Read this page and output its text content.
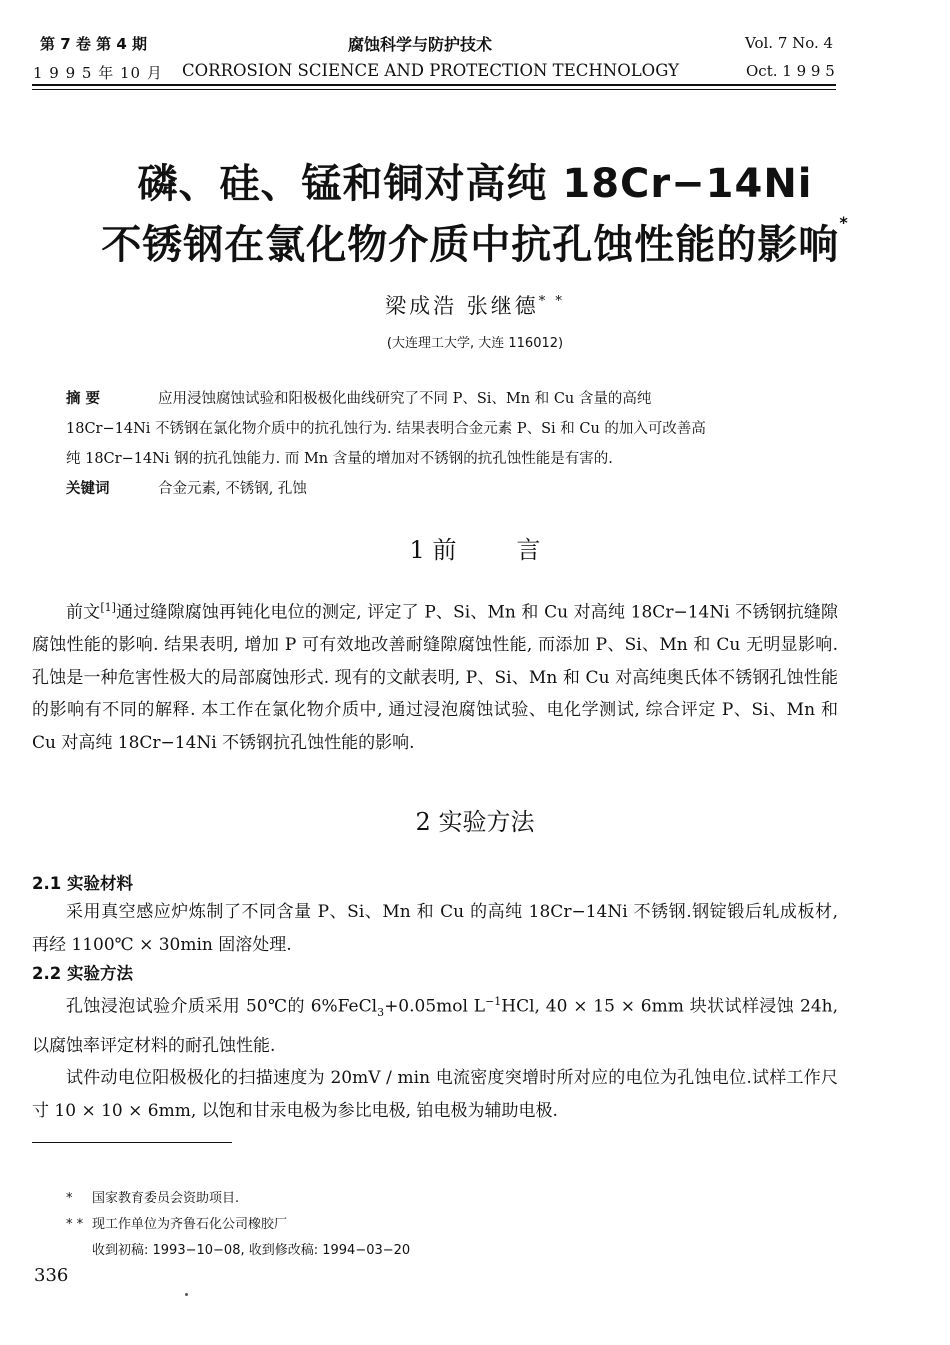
第 7 卷 第 4 期	腐蚀科学与防护技术	Vol. 7 No. 4
1 9 9 5 年 10 月 CORROSION SCIENCE AND PROTECTION TECHNOLOGY	Oct. 1 9 9 5
磷、硅、锰和铜对高纯 18Cr−14Ni
不锈钢在氯化物介质中抗孔蚀性能的影响*
梁成浩 张继德* *
(大连理工大学, 大连 116012)
摘 要	应用浸蚀腐蚀试验和阳极极化曲线研究了不同 P、Si、Mn 和 Cu 含量的高纯
18Cr−14Ni 不锈钢在氯化物介质中的抗孔蚀行为. 结果表明合金元素 P、Si 和 Cu 的加入可改善高
纯 18Cr−14Ni 钢的抗孔蚀能力. 而 Mn 含量的增加对不锈钢的抗孔蚀性能是有害的.
关键词	合金元素, 不锈钢, 孔蚀
1 前	言

前文[1]通过缝隙腐蚀再钝化电位的测定, 评定了 P、Si、Mn 和 Cu 对高纯 18Cr−14Ni 不锈钢抗缝隙腐蚀性能的影响. 结果表明, 增加 P 可有效地改善耐缝隙腐蚀性能, 而添加 P、Si、Mn 和 Cu 无明显影响. 孔蚀是一种危害性极大的局部腐蚀形式. 现有的文献表明, P、Si、Mn 和 Cu 对高纯奥氏体不锈钢孔蚀性能的影响有不同的解释. 本工作在氯化物介质中, 通过浸泡腐蚀试验、电化学测试, 综合评定 P、Si、Mn 和 Cu 对高纯 18Cr−14Ni 不锈钢抗孔蚀性能的影响.

2 实验方法
2.1 实验材料

采用真空感应炉炼制了不同含量 P、Si、Mn 和 Cu 的高纯 18Cr−14Ni 不锈钢.钢锭锻后轧成板材, 再经 1100℃ × 30min 固溶处理.

2.2 实验方法

孔蚀浸泡试验介质采用 50℃的 6%FeCl$_3$+0.05mol $L^{-1}HCl$, 40 × 15 × 6mm 块状试样浸蚀 24h,以腐蚀率评定材料的耐孔蚀性能.

试件动电位阳极极化的扫描速度为 20mV / min 电流密度突增时所对应的电位为孔蚀电位.试样工作尺寸 10 × 10 × 6mm, 以饱和甘汞电极为参比电极, 铂电极为辅助电极.

* 国家教育委员会资助项目.
* * 现工作单位为齐鲁石化公司橡胶厂
收到初稿: 1993−10−08, 收到修改稿: 1994−03−20
336
